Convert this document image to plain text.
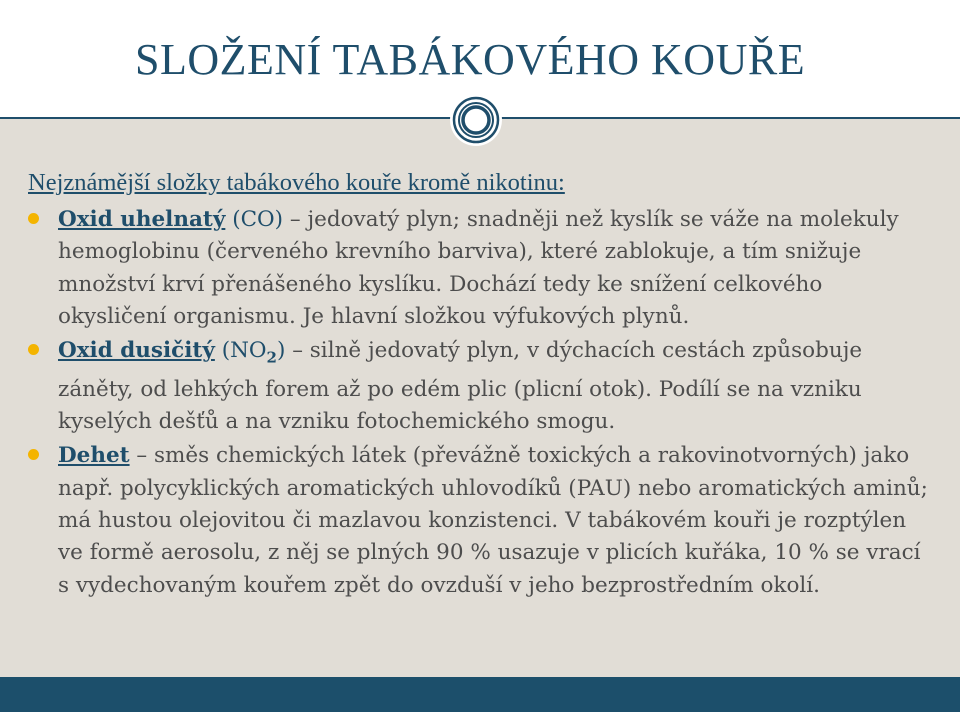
SLOŽENÍ TABÁKOVÉHO KOUŘE
Nejznámější složky tabákového kouře kromě nikotinu:
Oxid uhelnatý (CO) – jedovatý plyn; snadněji než kyslík se váže na molekuly hemoglobinu (červeného krevního barviva), které zablokuje, a tím snižuje množství krví přenášeného kyslíku. Dochází tedy ke snížení celkového okysličení organismu. Je hlavní složkou výfukových plynů.
Oxid dusičitý $(NO_2)$ – silně jedovatý plyn, v dýchacích cestách způsobuje záněty, od lehkých forem až po edém plic (plicní otok). Podílí se na vzniku kyselých dešťů a na vzniku fotochemického smogu.
Dehet – směs chemických látek (převážně toxických a rakovinotvorných) jako např. polycyklických aromatických uhlovodíků (PAU) nebo aromatických aminů; má hustou olejovitou či mazlavou konzistenci. V tabákovém kouři je rozptýlen ve formě aerosolu, z něj se plných 90 % usazuje v plicích kuřáka, 10 % se vrací s vydechovaným kouřem zpět do ovzduší v jeho bezprostředním okolí.
